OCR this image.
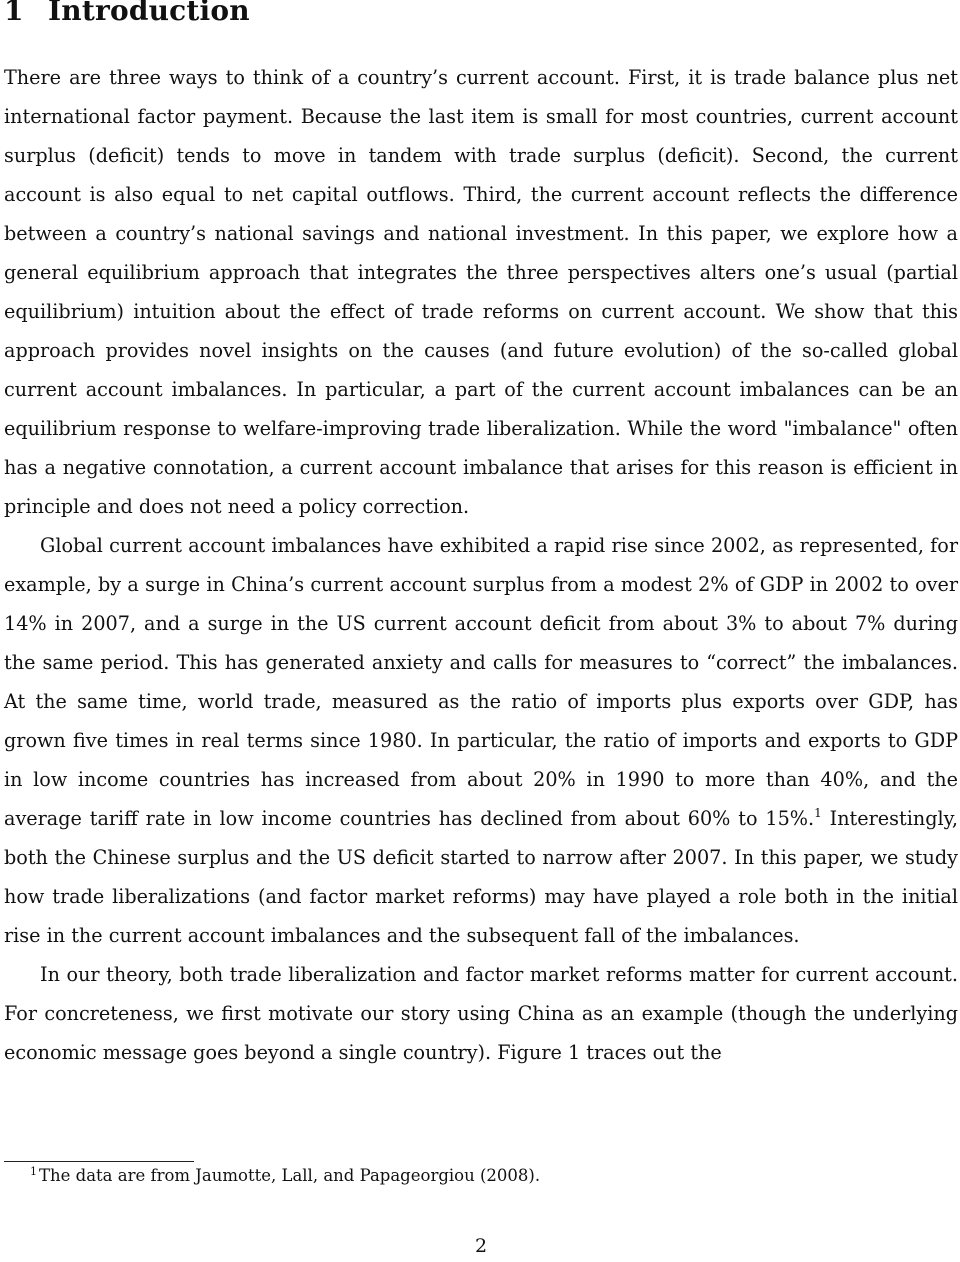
1 Introduction

There are three ways to think of a country’s current account. First, it is trade balance plus net international factor payment. Because the last item is small for most countries, current account surplus (deficit) tends to move in tandem with trade surplus (deficit). Second, the current account is also equal to net capital outflows. Third, the current account reflects the difference between a country’s national savings and national investment. In this paper, we explore how a general equilibrium approach that integrates the three perspectives alters one’s usual (partial equilibrium) intuition about the effect of trade reforms on current account. We show that this approach provides novel insights on the causes (and future evolution) of the so-called global current account imbalances. In particular, a part of the current account imbalances can be an equilibrium response to welfare-improving trade liberalization. While the word "imbalance" often has a negative connotation, a current account imbalance that arises for this reason is efficient in principle and does not need a policy correction.

Global current account imbalances have exhibited a rapid rise since 2002, as represented, for example, by a surge in China’s current account surplus from a modest 2% of GDP in 2002 to over 14% in 2007, and a surge in the US current account deficit from about 3% to about 7% during the same period. This has generated anxiety and calls for measures to “correct” the imbalances. At the same time, world trade, measured as the ratio of imports plus exports over GDP, has grown five times in real terms since 1980. In particular, the ratio of imports and exports to GDP in low income countries has increased from about 20% in 1990 to more than 40%, and the average tariff rate in low income countries has declined from about 60% to 15%.$^1$ Interestingly, both the Chinese surplus and the US deficit started to narrow after 2007. In this paper, we study how trade liberalizations (and factor market reforms) may have played a role both in the initial rise in the current account imbalances and the subsequent fall of the imbalances.

In our theory, both trade liberalization and factor market reforms matter for current account. For concreteness, we first motivate our story using China as an example (though the underlying economic message goes beyond a single country). Figure 1 traces out the

$^1$ The data are from Jaumotte, Lall, and Papageorgiou (2008).
2
